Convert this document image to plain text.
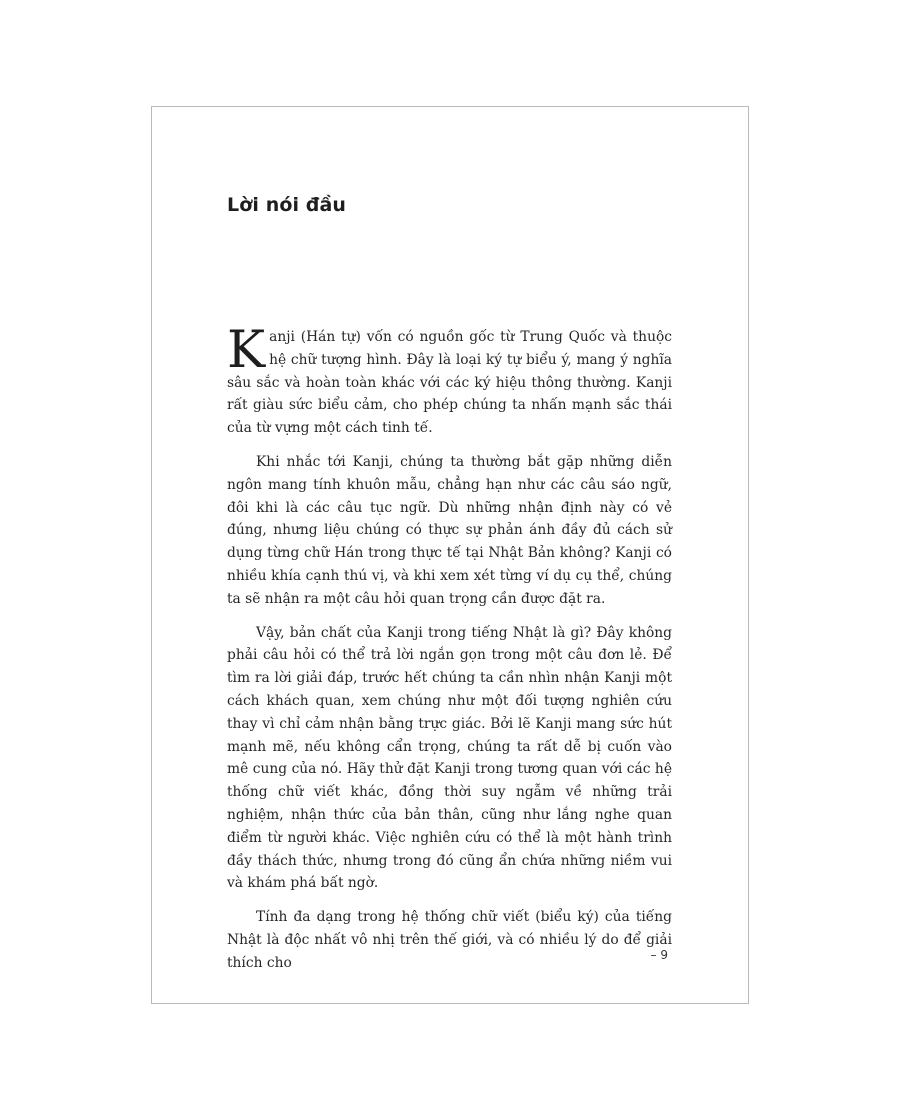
Lời nói đầu

Kanji (Hán tự) vốn có nguồn gốc từ Trung Quốc và thuộc hệ chữ tượng hình. Đây là loại ký tự biểu ý, mang ý nghĩa sâu sắc và hoàn toàn khác với các ký hiệu thông thường. Kanji rất giàu sức biểu cảm, cho phép chúng ta nhấn mạnh sắc thái của từ vựng một cách tinh tế.

Khi nhắc tới Kanji, chúng ta thường bắt gặp những diễn ngôn mang tính khuôn mẫu, chẳng hạn như các câu sáo ngữ, đôi khi là các câu tục ngữ. Dù những nhận định này có vẻ đúng, nhưng liệu chúng có thực sự phản ánh đầy đủ cách sử dụng từng chữ Hán trong thực tế tại Nhật Bản không? Kanji có nhiều khía cạnh thú vị, và khi xem xét từng ví dụ cụ thể, chúng ta sẽ nhận ra một câu hỏi quan trọng cần được đặt ra.

Vậy, bản chất của Kanji trong tiếng Nhật là gì? Đây không phải câu hỏi có thể trả lời ngắn gọn trong một câu đơn lẻ. Để tìm ra lời giải đáp, trước hết chúng ta cần nhìn nhận Kanji một cách khách quan, xem chúng như một đối tượng nghiên cứu thay vì chỉ cảm nhận bằng trực giác. Bởi lẽ Kanji mang sức hút mạnh mẽ, nếu không cẩn trọng, chúng ta rất dễ bị cuốn vào mê cung của nó. Hãy thử đặt Kanji trong tương quan với các hệ thống chữ viết khác, đồng thời suy ngẫm về những trải nghiệm, nhận thức của bản thân, cũng như lắng nghe quan điểm từ người khác. Việc nghiên cứu có thể là một hành trình đầy thách thức, nhưng trong đó cũng ẩn chứa những niềm vui và khám phá bất ngờ.

Tính đa dạng trong hệ thống chữ viết (biểu ký) của tiếng Nhật là độc nhất vô nhị trên thế giới, và có nhiều lý do để giải thích cho	– 9
